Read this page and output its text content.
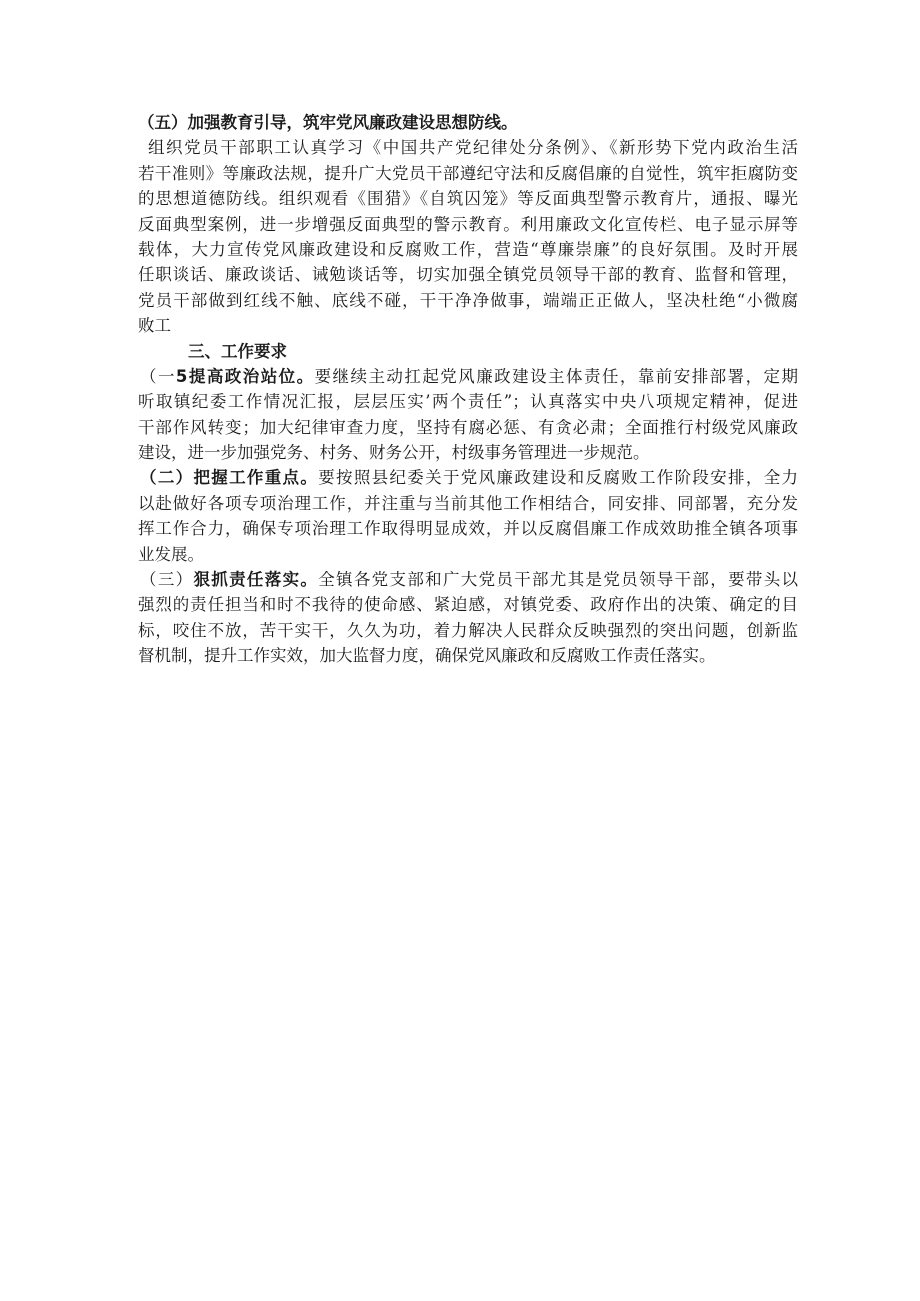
（五）加强教育引导，筑牢党风廉政建设思想防线。
组织党员干部职工认真学习《中国共产党纪律处分条例》、《新形势下党内政治生活
若干准则》等廉政法规，提升广大党员干部遵纪守法和反腐倡廉的自觉性，筑牢拒腐防变
的思想道德防线。组织观看《围猎》《自筑囚笼》等反面典型警示教育片，通报、曝光
反面典型案例，进一步增强反面典型的警示教育。利用廉政文化宣传栏、电子显示屏等
载体，大力宣传党风廉政建设和反腐败工作，营造“尊廉崇廉”的良好氛围。及时开展
任职谈话、廉政谈话、诫勉谈话等，切实加强全镇党员领导干部的教育、监督和管理，
党员干部做到红线不触、底线不碰，干干净净做事，端端正正做人，坚决杜绝“小微腐
败工
三、工作要求
（一5提高政治站位。要继续主动扛起党风廉政建设主体责任，靠前安排部署，定期
听取镇纪委工作情况汇报，层层压实’两个责任”；认真落实中央八项规定精神，促进
干部作风转变；加大纪律审查力度，坚持有腐必惩、有贪必肃；全面推行村级党风廉政
建设，进一步加强党务、村务、财务公开，村级事务管理进一步规范。
（二）把握工作重点。要按照县纪委关于党风廉政建设和反腐败工作阶段安排，全力
以赴做好各项专项治理工作，并注重与当前其他工作相结合，同安排、同部署，充分发
挥工作合力，确保专项治理工作取得明显成效，并以反腐倡廉工作成效助推全镇各项事
业发展。
（三）狠抓责任落实。全镇各党支部和广大党员干部尤其是党员领导干部，要带头以
强烈的责任担当和时不我待的使命感、紧迫感，对镇党委、政府作出的决策、确定的目
标，咬住不放，苦干实干，久久为功，着力解决人民群众反映强烈的突出问题，创新监
督机制，提升工作实效，加大监督力度，确保党风廉政和反腐败工作责任落实。
